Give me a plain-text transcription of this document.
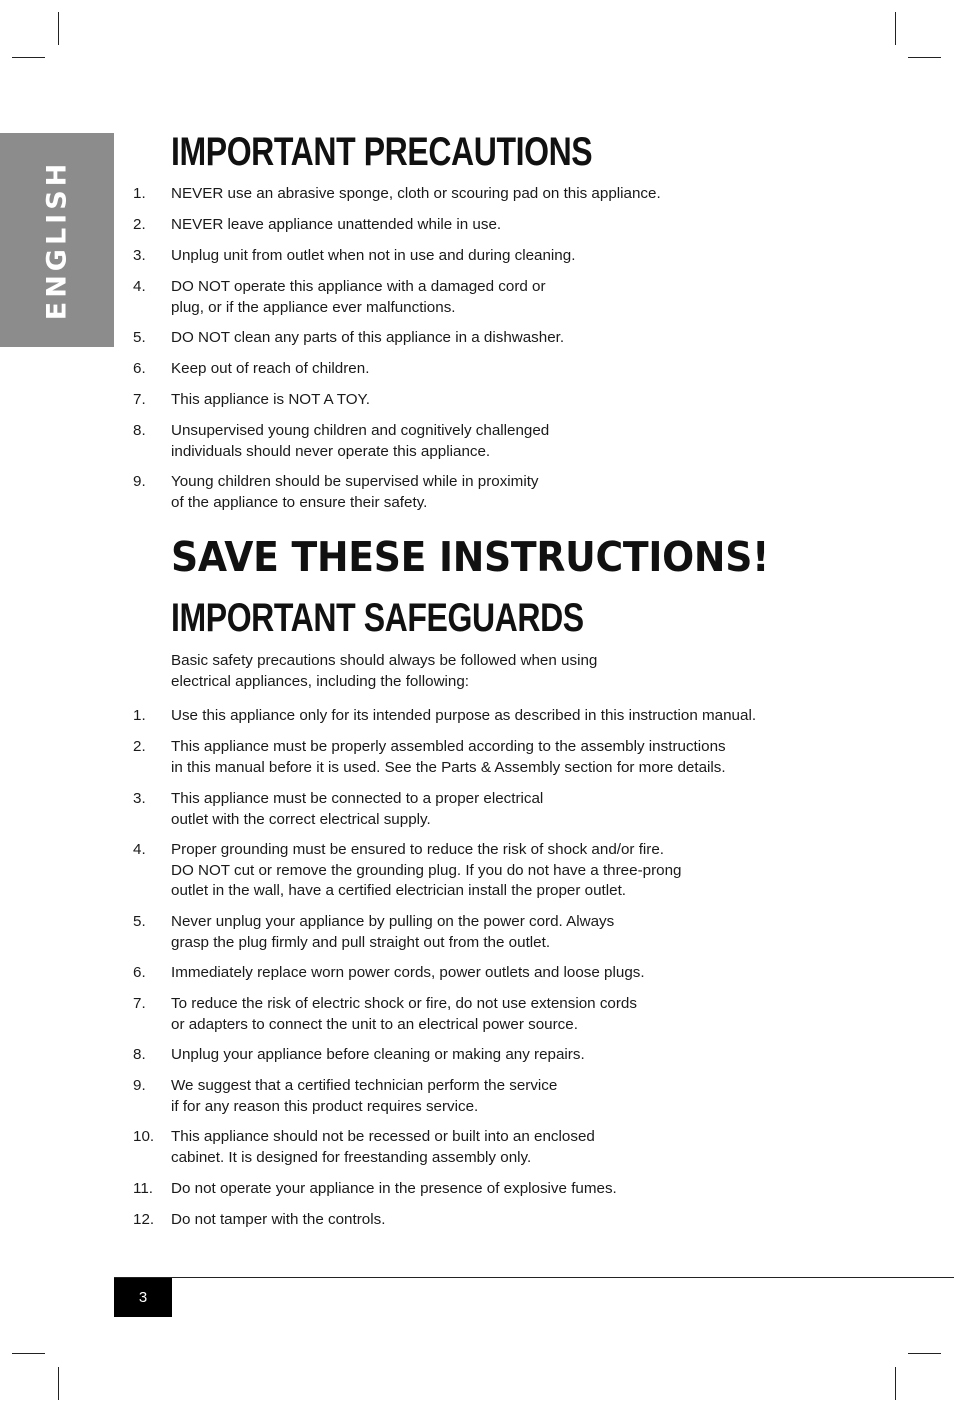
ENGLISH
IMPORTANT PRECAUTIONS
1.	NEVER use an abrasive sponge, cloth or scouring pad on this appliance.
2.	NEVER leave appliance unattended while in use.
3.	Unplug unit from outlet when not in use and during cleaning.
4.	DO NOT operate this appliance with a damaged cord or
plug, or if the appliance ever malfunctions.
5.	DO NOT clean any parts of this appliance in a dishwasher.
6.	Keep out of reach of children.
7.	This appliance is NOT A TOY.
8.	Unsupervised young children and cognitively challenged
individuals should never operate this appliance.
9.	Young children should be supervised while in proximity
of the appliance to ensure their safety.
SAVE THESE INSTRUCTIONS!
IMPORTANT SAFEGUARDS

Basic safety precautions should always be followed when using
electrical appliances, including the following:

1.	Use this appliance only for its intended purpose as described in this instruction manual.
2.	This appliance must be properly assembled according to the assembly instructions
in this manual before it is used. See the Parts & Assembly section for more details.
3.	This appliance must be connected to a proper electrical
outlet with the correct electrical supply.
4.	Proper grounding must be ensured to reduce the risk of shock and/or fire.
DO NOT cut or remove the grounding plug. If you do not have a three-prong
outlet in the wall, have a certified electrician install the proper outlet.
5.	Never unplug your appliance by pulling on the power cord. Always
grasp the plug firmly and pull straight out from the outlet.
6.	Immediately replace worn power cords, power outlets and loose plugs.
7.	To reduce the risk of electric shock or fire, do not use extension cords
or adapters to connect the unit to an electrical power source.
8.	Unplug your appliance before cleaning or making any repairs.
9.	We suggest that a certified technician perform the service
if for any reason this product requires service.
10.	This appliance should not be recessed or built into an enclosed
cabinet. It is designed for freestanding assembly only.
11.	Do not operate your appliance in the presence of explosive fumes.
12.	Do not tamper with the controls.
3
